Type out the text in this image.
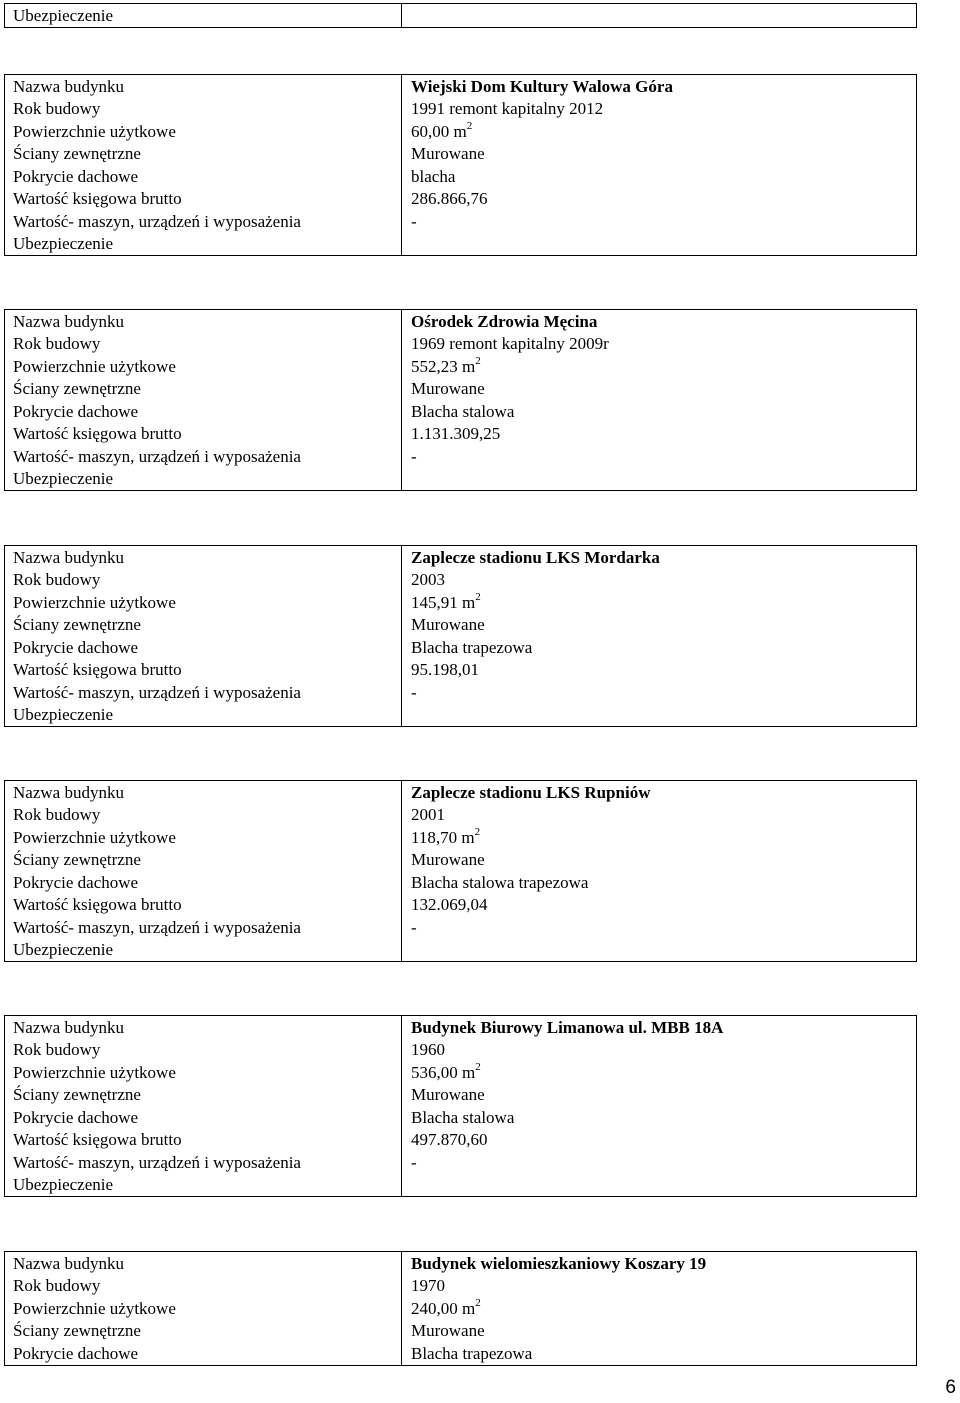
Ubezpieczenie	
Nazwa budynku	Wiejski Dom Kultury Walowa Góra
Rok budowy	1991 remont kapitalny 2012
Powierzchnie użytkowe	60,00 $m^2$
Ściany zewnętrzne	Murowane
Pokrycie dachowe	blacha
Wartość księgowa brutto	286.866,76
Wartość- maszyn, urządzeń i wyposażenia	-
Ubezpieczenie	
Nazwa budynku	Ośrodek Zdrowia Męcina
Rok budowy	1969 remont kapitalny 2009r
Powierzchnie użytkowe	552,23 $m^2$
Ściany zewnętrzne	Murowane
Pokrycie dachowe	Blacha stalowa
Wartość księgowa brutto	1.131.309,25
Wartość- maszyn, urządzeń i wyposażenia	-
Ubezpieczenie	
Nazwa budynku	Zaplecze stadionu LKS Mordarka
Rok budowy	2003
Powierzchnie użytkowe	145,91 $m^2$
Ściany zewnętrzne	Murowane
Pokrycie dachowe	Blacha trapezowa
Wartość księgowa brutto	95.198,01
Wartość- maszyn, urządzeń i wyposażenia	-
Ubezpieczenie	
Nazwa budynku	Zaplecze stadionu LKS Rupniów
Rok budowy	2001
Powierzchnie użytkowe	118,70 $m^2$
Ściany zewnętrzne	Murowane
Pokrycie dachowe	Blacha stalowa trapezowa
Wartość księgowa brutto	132.069,04
Wartość- maszyn, urządzeń i wyposażenia	-
Ubezpieczenie	
Nazwa budynku	Budynek Biurowy Limanowa ul. MBB 18A
Rok budowy	1960
Powierzchnie użytkowe	536,00 $m^2$
Ściany zewnętrzne	Murowane
Pokrycie dachowe	Blacha stalowa
Wartość księgowa brutto	497.870,60
Wartość- maszyn, urządzeń i wyposażenia	-
Ubezpieczenie	
Nazwa budynku	Budynek wielomieszkaniowy Koszary 19
Rok budowy	1970
Powierzchnie użytkowe	240,00 $m^2$
Ściany zewnętrzne	Murowane
Pokrycie dachowe	Blacha trapezowa
6
